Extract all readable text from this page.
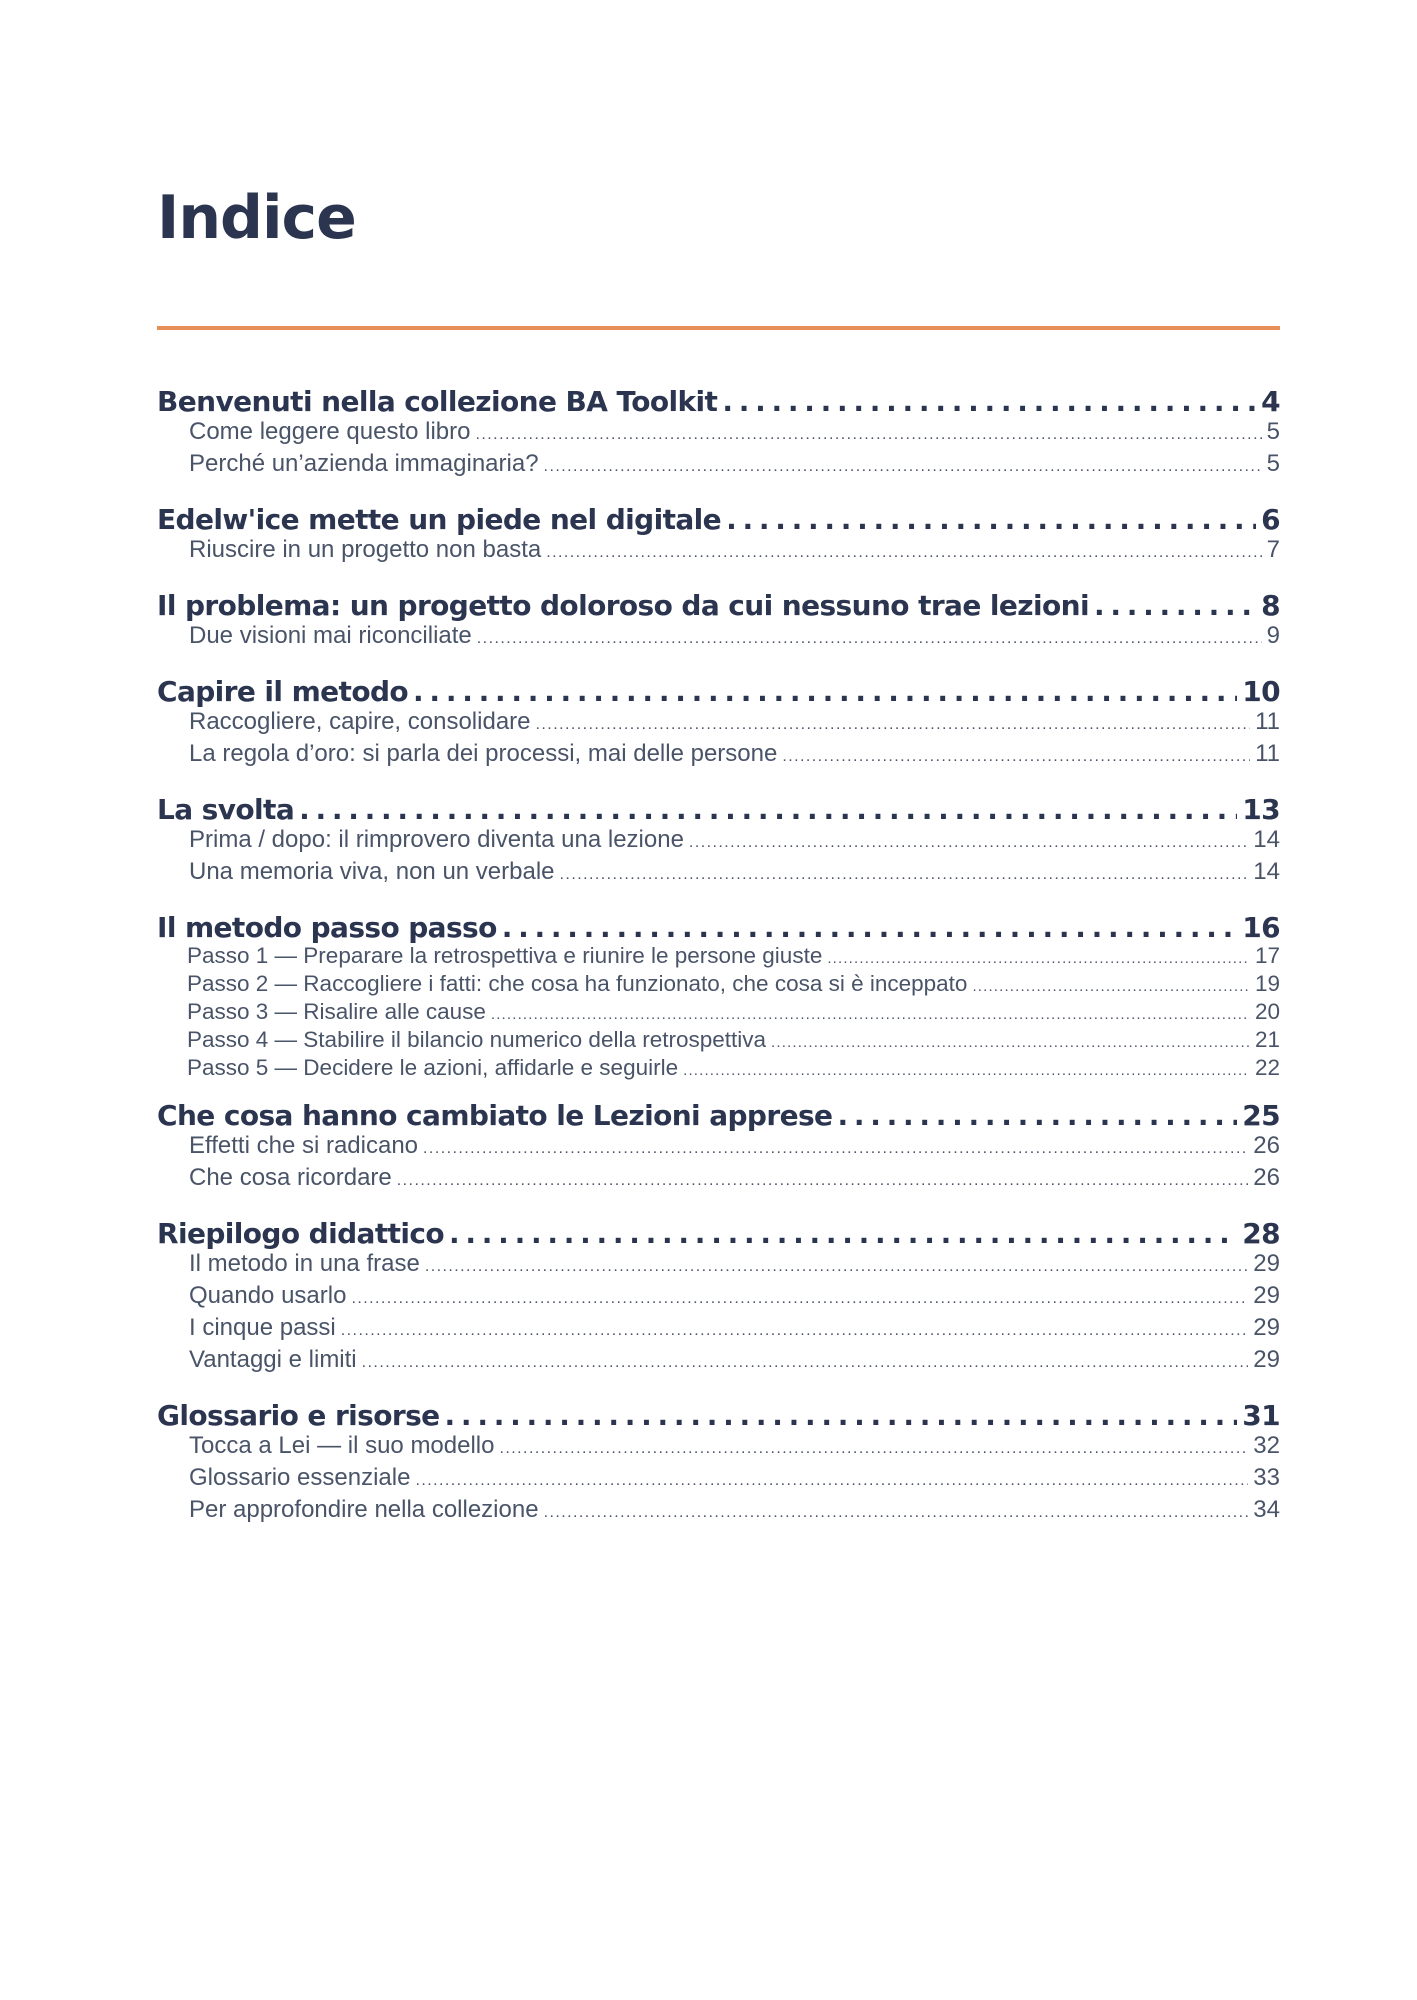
Indice
Benvenuti nella collezione BA Toolkit . . .	4
Come leggere questo libro . . .	5
Perché un’azienda immaginaria? . . .	5
Edelw'ice mette un piede nel digitale . . .	6
Riuscire in un progetto non basta . . .	7
Il problema: un progetto doloroso da cui nessuno trae lezioni . . .	8
Due visioni mai riconciliate . . .	9
Capire il metodo . . .	10
Raccogliere, capire, consolidare . . .	11
La regola d’oro: si parla dei processi, mai delle persone . . .	11
La svolta . . .	13
Prima / dopo: il rimprovero diventa una lezione . . .	14
Una memoria viva, non un verbale . . .	14
Il metodo passo passo . . .	16
Passo 1 — Preparare la retrospettiva e riunire le persone giuste . . .	17
Passo 2 — Raccogliere i fatti: che cosa ha funzionato, che cosa si è inceppato . . .	19
Passo 3 — Risalire alle cause . . .	20
Passo 4 — Stabilire il bilancio numerico della retrospettiva . . .	21
Passo 5 — Decidere le azioni, affidarle e seguirle . . .	22
Che cosa hanno cambiato le Lezioni apprese . . .	25
Effetti che si radicano . . .	26
Che cosa ricordare . . .	26
Riepilogo didattico . . .	28
Il metodo in una frase . . .	29
Quando usarlo . . .	29
I cinque passi . . .	29
Vantaggi e limiti . . .	29
Glossario e risorse . . .	31
Tocca a Lei — il suo modello . . .	32
Glossario essenziale . . .	33
Per approfondire nella collezione . . .	34
